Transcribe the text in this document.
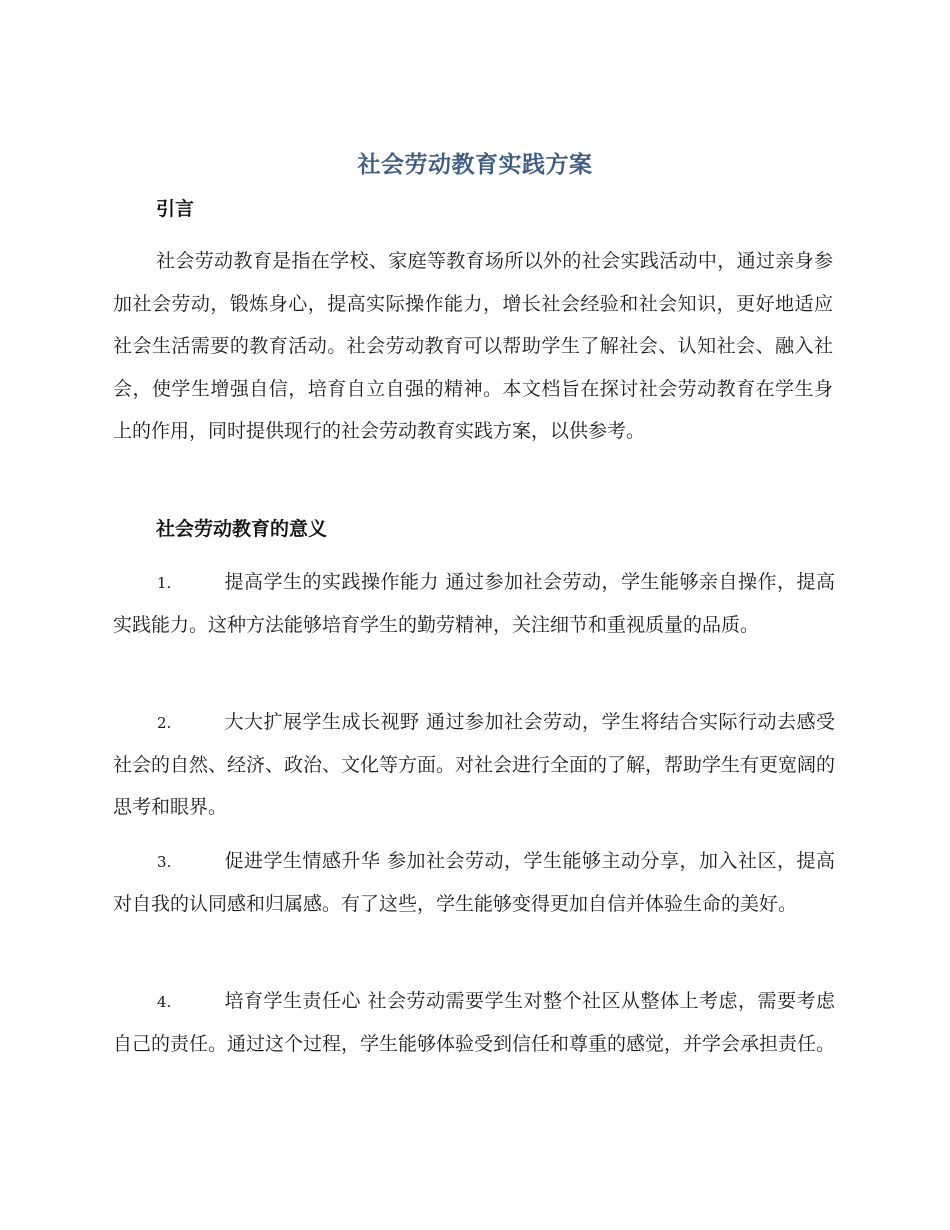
社会劳动教育实践方案
引言
社会劳动教育是指在学校、家庭等教育场所以外的社会实践活动中，通过亲身参加社会劳动，锻炼身心，提高实际操作能力，增长社会经验和社会知识，更好地适应社会生活需要的教育活动。社会劳动教育可以帮助学生了解社会、认知社会、融入社会，使学生增强自信，培育自立自强的精神。本文档旨在探讨社会劳动教育在学生身上的作用，同时提供现行的社会劳动教育实践方案，以供参考。
社会劳动教育的意义
1.	提高学生的实践操作能力 通过参加社会劳动，学生能够亲自操作，提高实践能力。这种方法能够培育学生的勤劳精神，关注细节和重视质量的品质。
2.	大大扩展学生成长视野 通过参加社会劳动，学生将结合实际行动去感受社会的自然、经济、政治、文化等方面。对社会进行全面的了解，帮助学生有更宽阔的思考和眼界。
3.	促进学生情感升华 参加社会劳动，学生能够主动分享，加入社区，提高对自我的认同感和归属感。有了这些，学生能够变得更加自信并体验生命的美好。
4.	培育学生责任心 社会劳动需要学生对整个社区从整体上考虑，需要考虑自己的责任。通过这个过程，学生能够体验受到信任和尊重的感觉，并学会承担责任。
